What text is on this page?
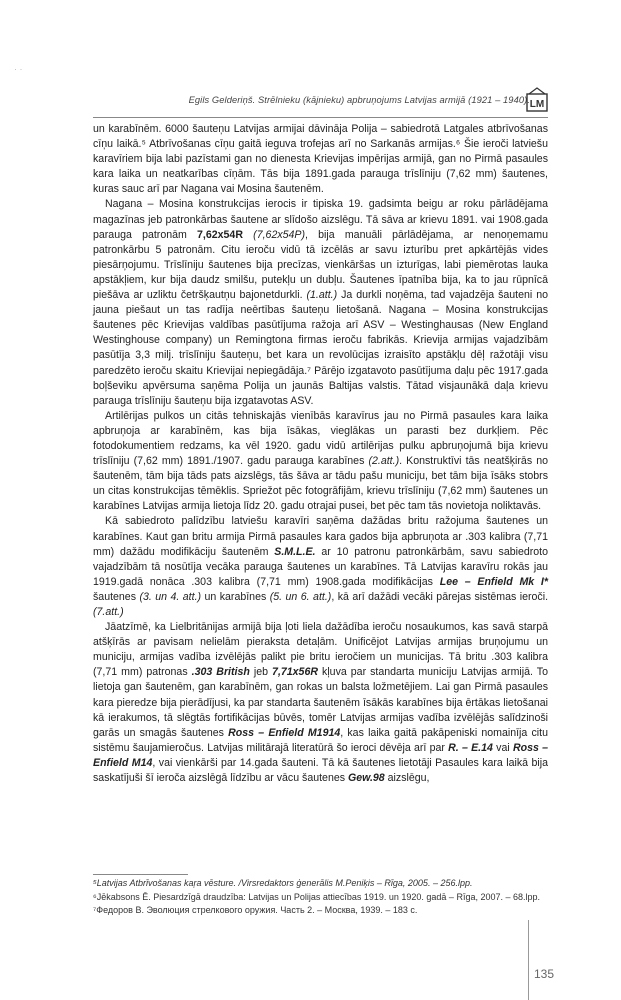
· ·
Egils Gelderiņš. Strēlnieku (kājnieku) apbruņojums Latvijas armijā (1921 – 1940). LM

un karabīnēm. 6000 šauteņu Latvijas armijai dāvināja Polija – sabiedrotā Latgales atbrīvošanas cīņu laikā.⁵ Atbrīvošanas cīņu gaitā ieguva trofejas arī no Sarkanās armijas.⁶ Šie ieroči latviešu karavīriem bija labi pazīstami gan no dienesta Krievijas impērijas armijā, gan no Pirmā pasaules kara laika un neatkarības cīņām. Tās bija 1891.gada parauga trīslīniju (7,62 mm) šautenes, kuras sauc arī par Nagana vai Mosina šautenēm.

Nagana – Mosina konstrukcijas ierocis ir tipiska 19. gadsimta beigu ar roku pārlādējama magazīnas jeb patronkārbas šautene ar slīdošo aizslēgu. Tā sāva ar krievu 1891. vai 1908.gada parauga patronām 7,62x54R (7,62x54P), bija manuāli pārlādējama, ar nenoņemamu patronkārbu 5 patronām. Citu ieroču vidū tā izcēlās ar savu izturību pret apkārtējās vides piesārņojumu. Trīslīniju šautenes bija precīzas, vienkāršas un izturīgas, labi piemērotas lauka apstākļiem, kur bija daudz smilšu, putekļu un dubļu. Šautenes īpatnība bija, ka to jau rūpnīcā piešāva ar uzliktu četršķautņu bajonetdurkli. (1.att.) Ja durkli noņēma, tad vajadzēja šauteni no jauna piešaut un tas radīja neērtības šauteņu lietošanā. Nagana – Mosina konstrukcijas šautenes pēc Krievijas valdības pasūtījuma ražoja arī ASV – Westinghausas (New England Westinghouse company) un Remingtona firmas ieroču fabrikās. Krievija armijas vajadzībām pasūtīja 3,3 milj. trīslīniju šauteņu, bet kara un revolūcijas izraisīto apstākļu dēļ ražotāji visu paredzēto ieroču skaitu Krievijai nepiegādāja.⁷ Pārējo izgatavoto pasūtījuma daļu pēc 1917.gada boļševiku apvērsuma saņēma Polija un jaunās Baltijas valstis. Tātad visjaunākā daļa krievu parauga trīslīniju šauteņu bija izgatavotas ASV.

Artilērijas pulkos un citās tehniskajās vienībās karavīrus jau no Pirmā pasaules kara laika apbruņoja ar karabīnēm, kas bija īsākas, vieglākas un parasti bez durkļiem. Pēc fotodokumentiem redzams, ka vēl 1920. gadu vidū artilērijas pulku apbruņojumā bija krievu trīslīniju (7,62 mm) 1891./1907. gadu parauga karabīnes (2.att.). Konstruktīvi tās neatšķirās no šautenēm, tām bija tāds pats aizslēgs, tās šāva ar tādu pašu municiju, bet tām bija īsāks stobrs un citas konstrukcijas tēmēklis. Spriežot pēc fotogrāfijām, krievu trīslīniju (7,62 mm) šautenes un karabīnes Latvijas armija lietoja līdz 20. gadu otrajai pusei, bet pēc tam tās novietoja noliktavās.

Kā sabiedroto palīdzību latviešu karavīri saņēma dažādas britu ražojuma šautenes un karabīnes. Kaut gan britu armija Pirmā pasaules kara gados bija apbruņota ar .303 kalibra (7,71 mm) dažādu modifikāciju šautenēm S.M.L.E. ar 10 patronu patronkārbām, savu sabiedroto vajadzībām tā nosūtīja vecāka parauga šautenes un karabīnes. Tā Latvijas karavīru rokās jau 1919.gadā nonāca .303 kalibra (7,71 mm) 1908.gada modifikācijas Lee – Enfield Mk I* šautenes (3. un 4. att.) un karabīnes (5. un 6. att.), kā arī dažādi vecāki pārejas sistēmas ieroči. (7.att.)

Jāatzīmē, ka Lielbritānijas armijā bija ļoti liela dažādība ieroču nosaukumos, kas savā starpā atšķīrās ar pavisam nelielām pieraksta detaļām. Unificējot Latvijas armijas bruņojumu un municiju, armijas vadība izvēlējās palikt pie britu ieročiem un municijas. Tā britu .303 kalibra (7,71 mm) patronas .303 British jeb 7,71x56R kļuva par standarta municiju Latvijas armijā. To lietoja gan šautenēm, gan karabīnēm, gan rokas un balsta ložmetējiem. Lai gan Pirmā pasaules kara pieredze bija pierādījusi, ka par standarta šautenēm īsākās karabīnes bija ērtākas lietošanai kā ierakumos, tā slēgtās fortifikācijas būvēs, tomēr Latvijas armijas vadība izvēlējās salīdzinoši garās un smagās šautenes Ross – Enfield M1914, kas laika gaitā pakāpeniski nomainīja citu sistēmu šaujamieročus. Latvijas militārajā literatūrā šo ieroci dēvēja arī par R. – E.14 vai Ross – Enfield M14, vai vienkārši par 14.gada šauteni. Tā kā šautenes lietotāji Pasaules kara laikā bija saskatījuši šī ieroča aizslēgā līdzību ar vācu šautenes Gew.98 aizslēgu,

⁵Latvijas Atbrīvošanas kaŗa vēsture. /Virsredaktors ģenerālis M.Peniķis – Rīga, 2005. – 256.lpp.
⁶Jēkabsons Ē. Piesardzīgā draudzība: Latvijas un Polijas attiecības 1919. un 1920. gadā – Rīga, 2007. – 68.lpp.
⁷Федоров В. Эволюция стрелкового оружия. Часть 2. – Москва, 1939. – 183 с.
135
